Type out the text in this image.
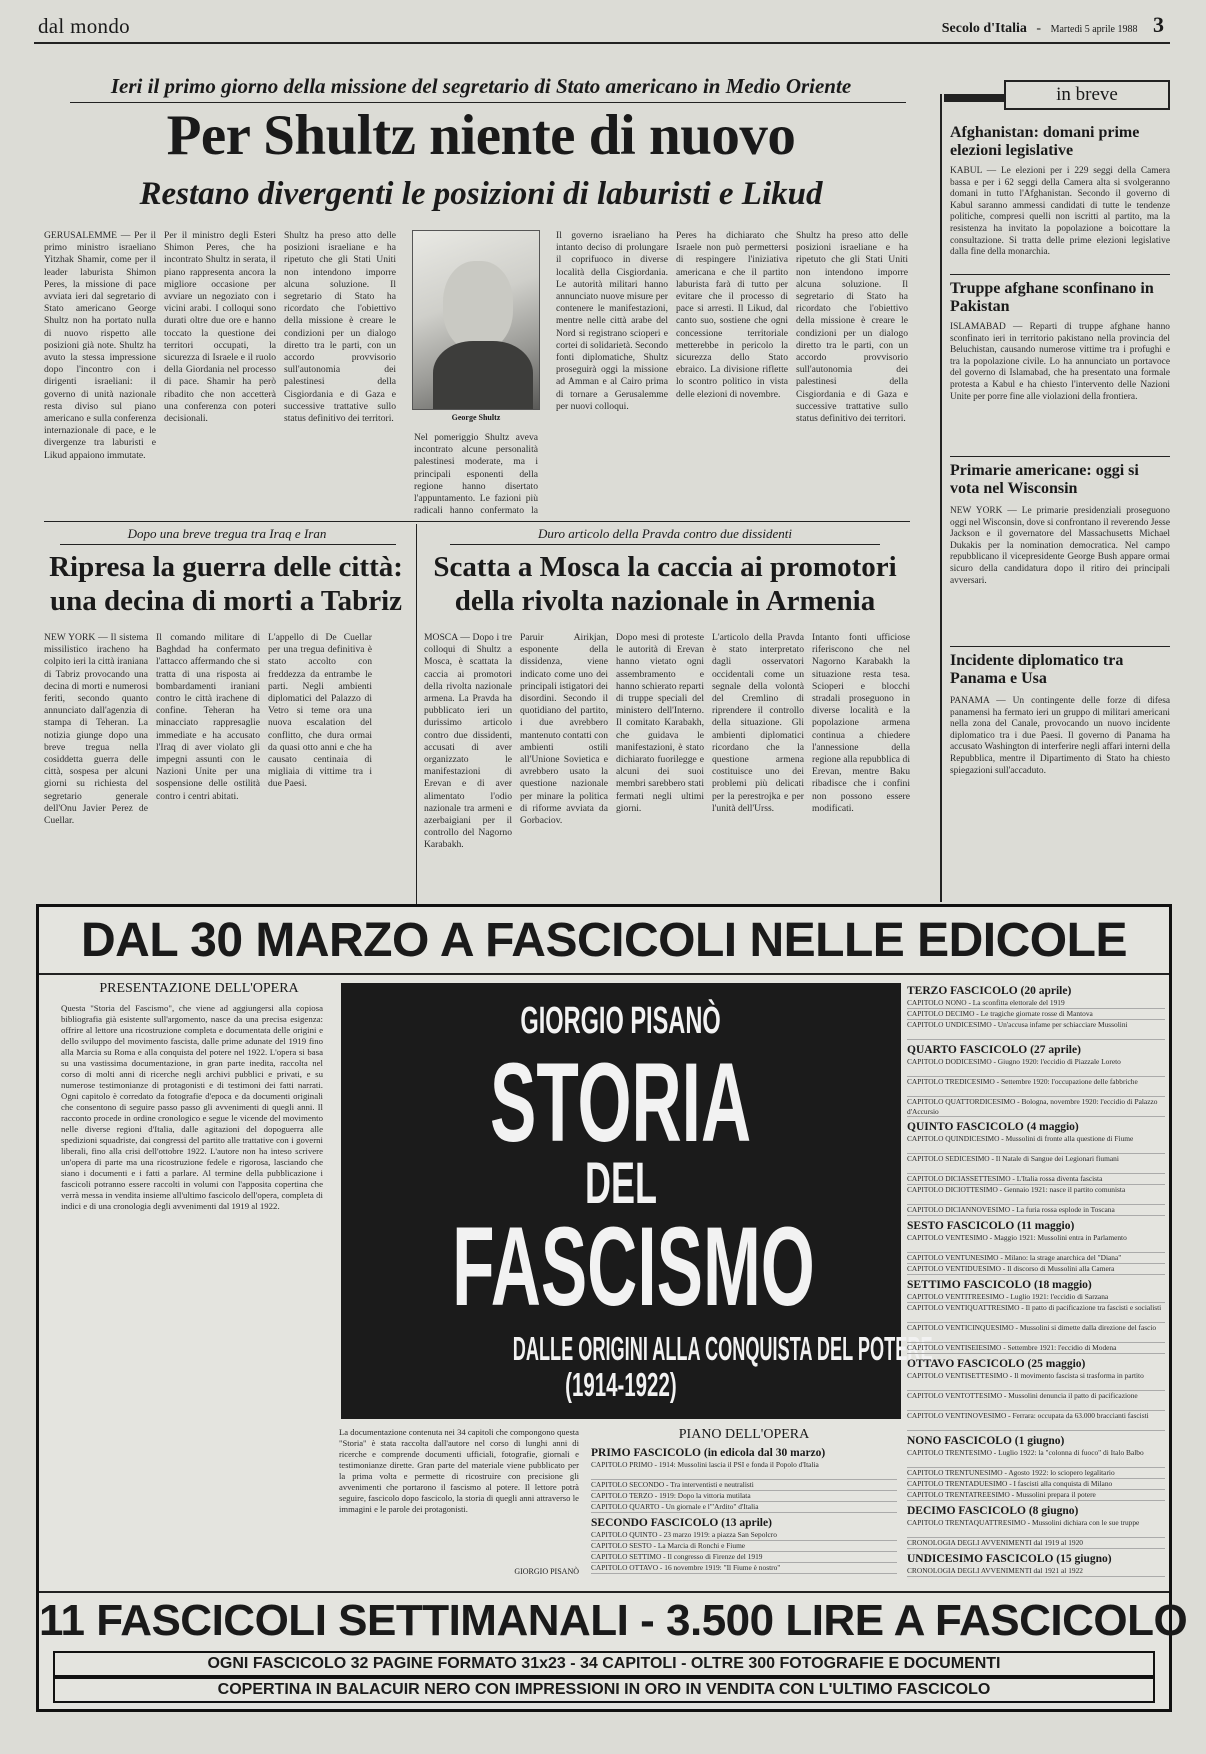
dal mondo	Secolo d'Italia - Martedì 5 aprile 1988 3
Ieri il primo giorno della missione del segretario di Stato americano in Medio Oriente
Per Shultz niente di nuovo
Restano divergenti le posizioni di laburisti e Likud
GERUSALEMME — Per il primo ministro israeliano Yitzhak Shamir, come per il leader laburista Shimon Peres, la missione di pace avviata ieri dal segretario di Stato americano George Shultz non ha portato nulla di nuovo rispetto alle posizioni già note. Shultz ha avuto la stessa impressione dopo l'incontro con i dirigenti israeliani: il governo di unità nazionale resta diviso sul piano americano e sulla conferenza internazionale di pace, e le divergenze tra laburisti e Likud appaiono immutate.
Per il ministro degli Esteri Shimon Peres, che ha incontrato Shultz in serata, il piano rappresenta ancora la migliore occasione per avviare un negoziato con i vicini arabi. I colloqui sono durati oltre due ore e hanno toccato la questione dei territori occupati, la sicurezza di Israele e il ruolo della Giordania nel processo di pace. Shamir ha però ribadito che non accetterà una conferenza con poteri decisionali.
Shultz ha preso atto delle posizioni israeliane e ha ripetuto che gli Stati Uniti non intendono imporre alcuna soluzione. Il segretario di Stato ha ricordato che l'obiettivo della missione è creare le condizioni per un dialogo diretto tra le parti, con un accordo provvisorio sull'autonomia dei palestinesi della Cisgiordania e di Gaza e successive trattative sullo status definitivo dei territori.	George Shultz
Nel pomeriggio Shultz aveva incontrato alcune personalità palestinesi moderate, ma i principali esponenti della regione hanno disertato l'appuntamento. Le fazioni più radicali hanno confermato la
Il governo israeliano ha intanto deciso di prolungare il coprifuoco in diverse località della Cisgiordania. Le autorità militari hanno annunciato nuove misure per contenere le manifestazioni, mentre nelle città arabe del Nord si registrano scioperi e cortei di solidarietà. Secondo fonti diplomatiche, Shultz proseguirà oggi la missione ad Amman e al Cairo prima di tornare a Gerusalemme per nuovi colloqui.
Peres ha dichiarato che Israele non può permettersi di respingere l'iniziativa americana e che il partito laburista farà di tutto per evitare che il processo di pace si arresti. Il Likud, dal canto suo, sostiene che ogni concessione territoriale metterebbe in pericolo la sicurezza dello Stato ebraico. La divisione riflette lo scontro politico in vista delle elezioni di novembre.
Shultz ha preso atto delle posizioni israeliane e ha ripetuto che gli Stati Uniti non intendono imporre alcuna soluzione. Il segretario di Stato ha ricordato che l'obiettivo della missione è creare le condizioni per un dialogo diretto tra le parti, con un accordo provvisorio sull'autonomia dei palestinesi della Cisgiordania e di Gaza e successive trattative sullo status definitivo dei territori.
Dopo una breve tregua tra Iraq e Iran
Ripresa la guerra delle città:
una decina di morti a Tabriz
NEW YORK — Il sistema missilistico iracheno ha colpito ieri la città iraniana di Tabriz provocando una decina di morti e numerosi feriti, secondo quanto annunciato dall'agenzia di stampa di Teheran. La notizia giunge dopo una breve tregua nella cosiddetta guerra delle città, sospesa per alcuni giorni su richiesta del segretario generale dell'Onu Javier Perez de Cuellar.
Il comando militare di Baghdad ha confermato l'attacco affermando che si tratta di una risposta ai bombardamenti iraniani contro le città irachene di confine. Teheran ha minacciato rappresaglie immediate e ha accusato l'Iraq di aver violato gli impegni assunti con le Nazioni Unite per una sospensione delle ostilità contro i centri abitati.
L'appello di De Cuellar per una tregua definitiva è stato accolto con freddezza da entrambe le parti. Negli ambienti diplomatici del Palazzo di Vetro si teme ora una nuova escalation del conflitto, che dura ormai da quasi otto anni e che ha causato centinaia di migliaia di vittime tra i due Paesi.
Duro articolo della Pravda contro due dissidenti
Scatta a Mosca la caccia ai promotori
della rivolta nazionale in Armenia
MOSCA — Dopo i tre colloqui di Shultz a Mosca, è scattata la caccia ai promotori della rivolta nazionale armena. La Pravda ha pubblicato ieri un durissimo articolo contro due dissidenti, accusati di aver organizzato le manifestazioni di Erevan e di aver alimentato l'odio nazionale tra armeni e azerbaigiani per il controllo del Nagorno Karabakh.
Paruir Airikjan, esponente della dissidenza, viene indicato come uno dei principali istigatori dei disordini. Secondo il quotidiano del partito, i due avrebbero mantenuto contatti con ambienti ostili all'Unione Sovietica e avrebbero usato la questione nazionale per minare la politica di riforme avviata da Gorbaciov.
Dopo mesi di proteste le autorità di Erevan hanno vietato ogni assembramento e hanno schierato reparti di truppe speciali del ministero dell'Interno. Il comitato Karabakh, che guidava le manifestazioni, è stato dichiarato fuorilegge e alcuni dei suoi membri sarebbero stati fermati negli ultimi giorni.
L'articolo della Pravda è stato interpretato dagli osservatori occidentali come un segnale della volontà del Cremlino di riprendere il controllo della situazione. Gli ambienti diplomatici ricordano che la questione armena costituisce uno dei problemi più delicati per la perestrojka e per l'unità dell'Urss.
Intanto fonti ufficiose riferiscono che nel Nagorno Karabakh la situazione resta tesa. Scioperi e blocchi stradali proseguono in diverse località e la popolazione armena continua a chiedere l'annessione della regione alla repubblica di Erevan, mentre Baku ribadisce che i confini non possono essere modificati.
in breve
Afghanistan: domani prime elezioni legislative
KABUL — Le elezioni per i 229 seggi della Camera bassa e per i 62 seggi della Camera alta si svolgeranno domani in tutto l'Afghanistan. Secondo il governo di Kabul saranno ammessi candidati di tutte le tendenze politiche, compresi quelli non iscritti al partito, ma la resistenza ha invitato la popolazione a boicottare la consultazione. Si tratta delle prime elezioni legislative dalla fine della monarchia.
Truppe afghane sconfinano in Pakistan
ISLAMABAD — Reparti di truppe afghane hanno sconfinato ieri in territorio pakistano nella provincia del Beluchistan, causando numerose vittime tra i profughi e tra la popolazione civile. Lo ha annunciato un portavoce del governo di Islamabad, che ha presentato una formale protesta a Kabul e ha chiesto l'intervento delle Nazioni Unite per porre fine alle violazioni della frontiera.
Primarie americane: oggi si vota nel Wisconsin
NEW YORK — Le primarie presidenziali proseguono oggi nel Wisconsin, dove si confrontano il reverendo Jesse Jackson e il governatore del Massachusetts Michael Dukakis per la nomination democratica. Nel campo repubblicano il vicepresidente George Bush appare ormai sicuro della candidatura dopo il ritiro dei principali avversari.
Incidente diplomatico tra Panama e Usa
PANAMA — Un contingente delle forze di difesa panamensi ha fermato ieri un gruppo di militari americani nella zona del Canale, provocando un nuovo incidente diplomatico tra i due Paesi. Il governo di Panama ha accusato Washington di interferire negli affari interni della Repubblica, mentre il Dipartimento di Stato ha chiesto spiegazioni sull'accaduto.
DAL 30 MARZO A FASCICOLI NELLE EDICOLE
PRESENTAZIONE DELL'OPERA
Questa "Storia del Fascismo", che viene ad aggiungersi alla copiosa bibliografia già esistente sull'argomento, nasce da una precisa esigenza: offrire al lettore una ricostruzione completa e documentata delle origini e dello sviluppo del movimento fascista, dalle prime adunate del 1919 fino alla Marcia su Roma e alla conquista del potere nel 1922. L'opera si basa su una vastissima documentazione, in gran parte inedita, raccolta nel corso di molti anni di ricerche negli archivi pubblici e privati, e su numerose testimonianze di protagonisti e di testimoni dei fatti narrati. Ogni capitolo è corredato da fotografie d'epoca e da documenti originali che consentono di seguire passo passo gli avvenimenti di quegli anni. Il racconto procede in ordine cronologico e segue le vicende del movimento nelle diverse regioni d'Italia, dalle agitazioni del dopoguerra alle spedizioni squadriste, dai congressi del partito alle trattative con i governi liberali, fino alla crisi dell'ottobre 1922. L'autore non ha inteso scrivere un'opera di parte ma una ricostruzione fedele e rigorosa, lasciando che siano i documenti e i fatti a parlare. Al termine della pubblicazione i fascicoli potranno essere raccolti in volumi con l'apposita copertina che verrà messa in vendita insieme all'ultimo fascicolo dell'opera, completa di indici e di una cronologia degli avvenimenti dal 1919 al 1922.
GIORGIO PISANÒ
STORIA
DEL
FASCISMO
DALLE ORIGINI ALLA CONQUISTA DEL POTERE
(1914-1922)
La documentazione contenuta nei 34 capitoli che compongono questa "Storia" è stata raccolta dall'autore nel corso di lunghi anni di ricerche e comprende documenti ufficiali, fotografie, giornali e testimonianze dirette. Gran parte del materiale viene pubblicato per la prima volta e permette di ricostruire con precisione gli avvenimenti che portarono il fascismo al potere. Il lettore potrà seguire, fascicolo dopo fascicolo, la storia di quegli anni attraverso le immagini e le parole dei protagonisti.
GIORGIO PISANÒ
PIANO DELL'OPERA
PRIMO FASCICOLO (in edicola dal 30 marzo)
CAPITOLO PRIMO - 1914: Mussolini lascia il PSI e fonda il Popolo d'Italia
CAPITOLO SECONDO - Tra interventisti e neutralisti
CAPITOLO TERZO - 1919: Dopo la vittoria mutilata
CAPITOLO QUARTO - Un giornale e l'"Ardito" d'Italia
SECONDO FASCICOLO (13 aprile)
CAPITOLO QUINTO - 23 marzo 1919: a piazza San Sepolcro
CAPITOLO SESTO - La Marcia di Ronchi e Fiume
CAPITOLO SETTIMO - Il congresso di Firenze del 1919
CAPITOLO OTTAVO - 16 novembre 1919: "Il Fiume è nostro"
TERZO FASCICOLO (20 aprile)
CAPITOLO NONO - La sconfitta elettorale del 1919
CAPITOLO DECIMO - Le tragiche giornate rosse di Mantova
CAPITOLO UNDICESIMO - Un'accusa infame per schiacciare Mussolini
QUARTO FASCICOLO (27 aprile)
CAPITOLO DODICESIMO - Giugno 1920: l'eccidio di Piazzale Loreto
CAPITOLO TREDICESIMO - Settembre 1920: l'occupazione delle fabbriche
CAPITOLO QUATTORDICESIMO - Bologna, novembre 1920: l'eccidio di Palazzo d'Accursio
QUINTO FASCICOLO (4 maggio)
CAPITOLO QUINDICESIMO - Mussolini di fronte alla questione di Fiume
CAPITOLO SEDICESIMO - Il Natale di Sangue dei Legionari fiumani
CAPITOLO DICIASSETTESIMO - L'Italia rossa diventa fascista
CAPITOLO DICIOTTESIMO - Gennaio 1921: nasce il partito comunista
CAPITOLO DICIANNOVESIMO - La furia rossa esplode in Toscana
SESTO FASCICOLO (11 maggio)
CAPITOLO VENTESIMO - Maggio 1921: Mussolini entra in Parlamento
CAPITOLO VENTUNESIMO - Milano: la strage anarchica del "Diana"
CAPITOLO VENTIDUESIMO - Il discorso di Mussolini alla Camera
SETTIMO FASCICOLO (18 maggio)
CAPITOLO VENTITREESIMO - Luglio 1921: l'eccidio di Sarzana
CAPITOLO VENTIQUATTRESIMO - Il patto di pacificazione tra fascisti e socialisti
CAPITOLO VENTICINQUESIMO - Mussolini si dimette dalla direzione del fascio
CAPITOLO VENTISEIESIMO - Settembre 1921: l'eccidio di Modena
OTTAVO FASCICOLO (25 maggio)
CAPITOLO VENTISETTESIMO - Il movimento fascista si trasforma in partito
CAPITOLO VENTOTTESIMO - Mussolini denuncia il patto di pacificazione
CAPITOLO VENTINOVESIMO - Ferrara: occupata da 63.000 braccianti fascisti
NONO FASCICOLO (1 giugno)
CAPITOLO TRENTESIMO - Luglio 1922: la "colonna di fuoco" di Italo Balbo
CAPITOLO TRENTUNESIMO - Agosto 1922: lo sciopero legalitario
CAPITOLO TRENTADUESIMO - I fascisti alla conquista di Milano
CAPITOLO TRENTATREESIMO - Mussolini prepara il potere
DECIMO FASCICOLO (8 giugno)
CAPITOLO TRENTAQUATTRESIMO - Mussolini dichiara con le sue truppe
CRONOLOGIA DEGLI AVVENIMENTI dal 1919 al 1920
UNDICESIMO FASCICOLO (15 giugno)
CRONOLOGIA DEGLI AVVENIMENTI dal 1921 al 1922
11 FASCICOLI SETTIMANALI - 3.500 LIRE A FASCICOLO
OGNI FASCICOLO 32 PAGINE FORMATO 31x23 - 34 CAPITOLI - OLTRE 300 FOTOGRAFIE E DOCUMENTI
COPERTINA IN BALACUIR NERO CON IMPRESSIONI IN ORO IN VENDITA CON L'ULTIMO FASCICOLO
